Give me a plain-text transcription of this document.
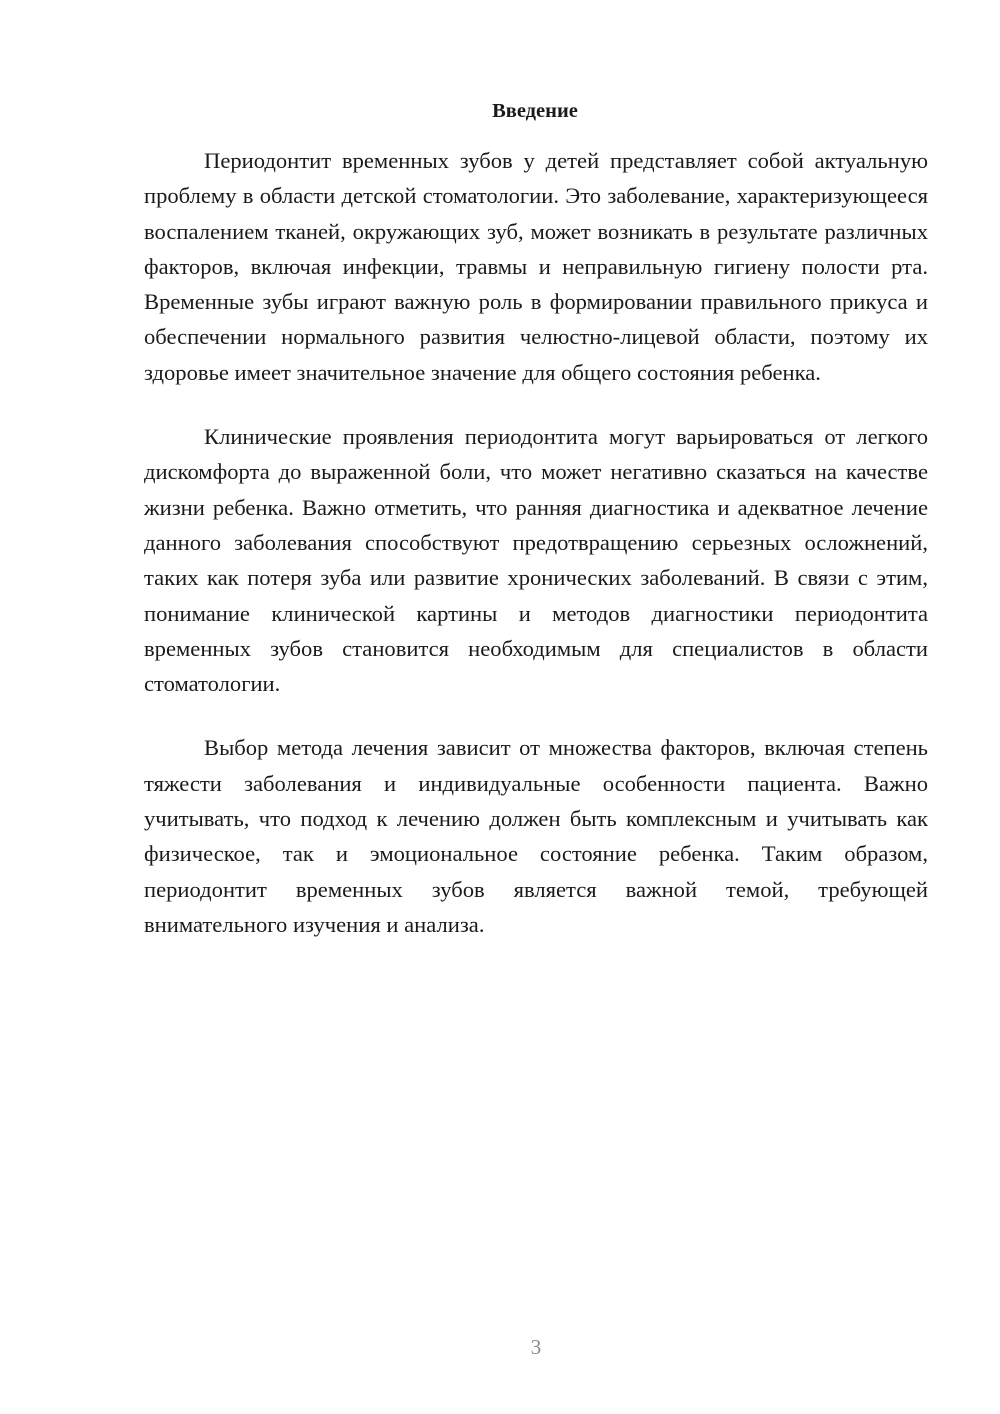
Введение

Периодонтит временных зубов у детей представляет собой актуальную проблему в области детской стоматологии. Это заболевание, характеризующееся воспалением тканей, окружающих зуб, может возникать в результате различных факторов, включая инфекции, травмы и неправильную гигиену полости рта. Временные зубы играют важную роль в формировании правильного прикуса и обеспечении нормального развития челюстно-лицевой области, поэтому их здоровье имеет значительное значение для общего состояния ребенка.

Клинические проявления периодонтита могут варьироваться от легкого дискомфорта до выраженной боли, что может негативно сказаться на качестве жизни ребенка. Важно отметить, что ранняя диагностика и адекватное лечение данного заболевания способствуют предотвращению серьезных осложнений, таких как потеря зуба или развитие хронических заболеваний. В связи с этим, понимание клинической картины и методов диагностики периодонтита временных зубов становится необходимым для специалистов в области стоматологии.

Выбор метода лечения зависит от множества факторов, включая степень тяжести заболевания и индивидуальные особенности пациента. Важно учитывать, что подход к лечению должен быть комплексным и учитывать как физическое, так и эмоциональное состояние ребенка. Таким образом, периодонтит временных зубов является важной темой, требующей внимательного изучения и анализа.

3
